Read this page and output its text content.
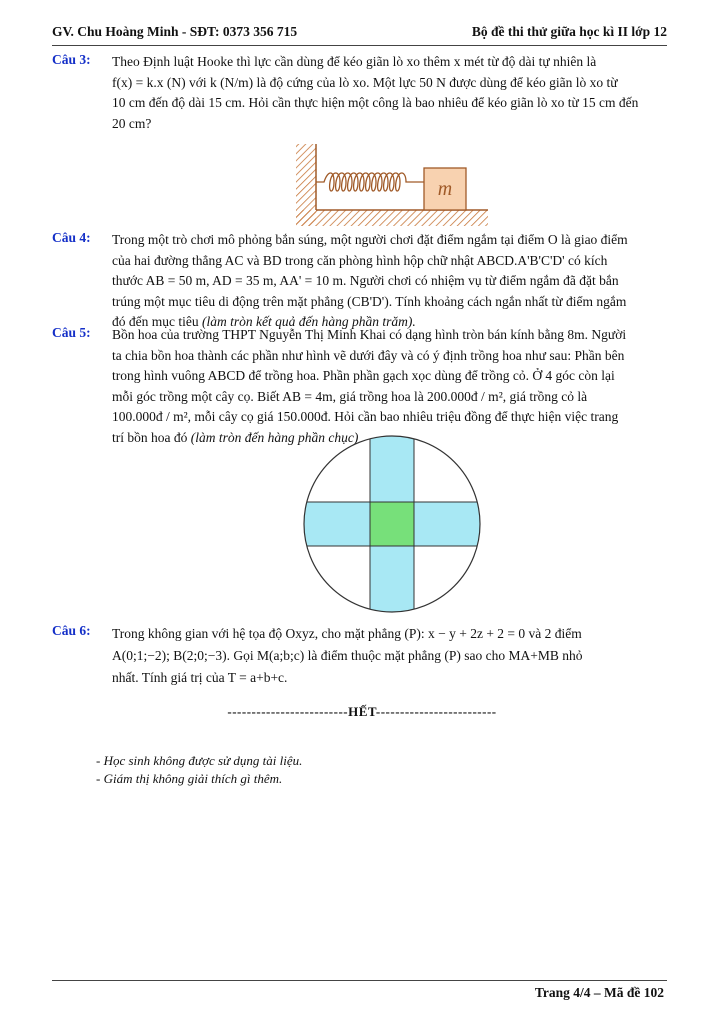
GV. Chu Hoàng Minh - SĐT: 0373 356 715	Bộ đề thi thử giữa học kì II lớp 12
Câu 3: Theo Định luật Hooke thì lực cần dùng để kéo giãn lò xo thêm x mét từ độ dài tự nhiên là

f(x) = k.x (N) với k (N/m) là độ cứng của lò xo. Một lực 50 N được dùng để kéo giãn lò xo từ

10 cm đến độ dài 15 cm. Hỏi cần thực hiện một công là bao nhiêu để kéo giãn lò xo từ 15 cm đến

20 cm?

m
Câu 4: Trong một trò chơi mô phỏng bắn súng, một người chơi đặt điểm ngắm tại điểm O là giao điểm

của hai đường thẳng AC và BD trong căn phòng hình hộp chữ nhật ABCD.A'B'C'D' có kích

thước AB = 50 m, AD = 35 m, AA' = 10 m. Người chơi có nhiệm vụ từ điểm ngắm đã đặt bắn

trúng một mục tiêu di động trên mặt phẳng (CB'D'). Tính khoảng cách ngắn nhất từ điểm ngắm

đó đến mục tiêu (làm tròn kết quả đến hàng phần trăm).

Câu 5: Bồn hoa của trường THPT Nguyễn Thị Minh Khai có dạng hình tròn bán kính bằng 8m. Người

ta chia bồn hoa thành các phần như hình vẽ dưới đây và có ý định trồng hoa như sau: Phần bên

trong hình vuông ABCD để trồng hoa. Phần phần gạch xọc dùng để trồng cỏ. Ở 4 góc còn lại

mỗi góc trồng một cây cọ. Biết AB = 4m, giá trồng hoa là 200.000đ / m², giá trồng cỏ là

100.000đ / m², mỗi cây cọ giá 150.000đ. Hỏi cần bao nhiêu triệu đồng để thực hiện việc trang

trí bồn hoa đó (làm tròn đến hàng phần chục)

Câu 6: Trong không gian với hệ tọa độ Oxyz, cho mặt phẳng (P): x − y + 2z + 2 = 0 và 2 điểm

A(0;1;−2); B(2;0;−3). Gọi M(a;b;c) là điểm thuộc mặt phẳng (P) sao cho MA+MB nhỏ

nhất. Tính giá trị của T = a+b+c.

-------------------------HẾT-------------------------
- Học sinh không được sử dụng tài liệu.
- Giám thị không giải thích gì thêm.
Trang 4/4 – Mã đề 102
